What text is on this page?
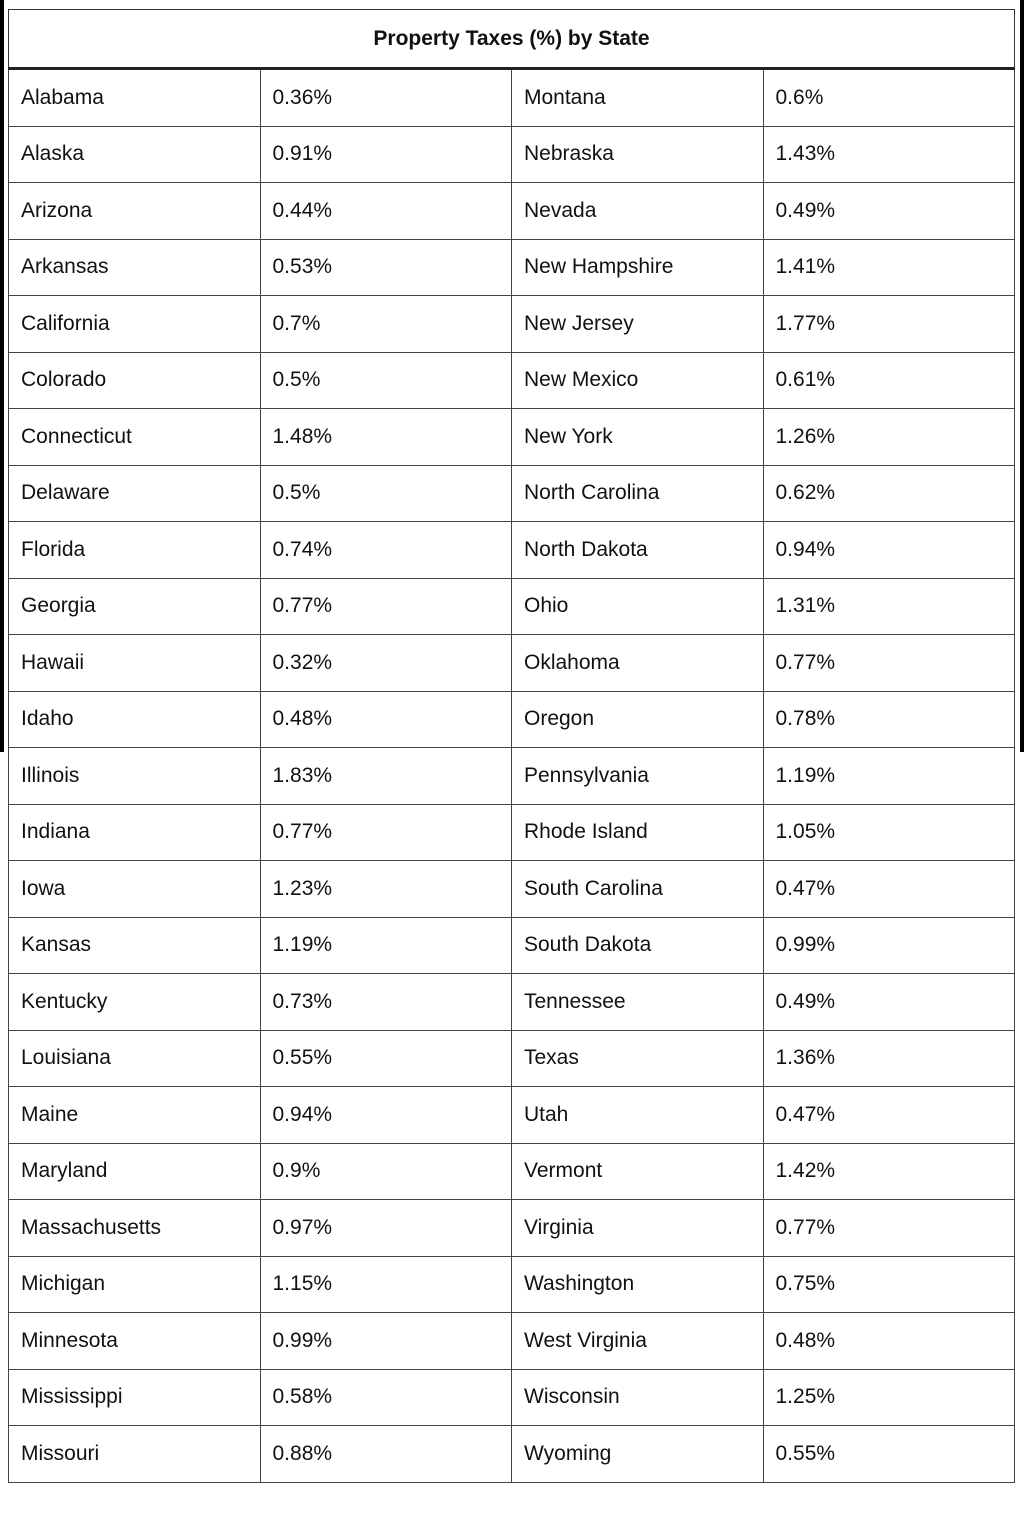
Property Taxes (%) by State			
Alabama	0.36%	Montana	0.6%
Alaska	0.91%	Nebraska	1.43%
Arizona	0.44%	Nevada	0.49%
Arkansas	0.53%	New Hampshire	1.41%
California	0.7%	New Jersey	1.77%
Colorado	0.5%	New Mexico	0.61%
Connecticut	1.48%	New York	1.26%
Delaware	0.5%	North Carolina	0.62%
Florida	0.74%	North Dakota	0.94%
Georgia	0.77%	Ohio	1.31%
Hawaii	0.32%	Oklahoma	0.77%
Idaho	0.48%	Oregon	0.78%
Illinois	1.83%	Pennsylvania	1.19%
Indiana	0.77%	Rhode Island	1.05%
Iowa	1.23%	South Carolina	0.47%
Kansas	1.19%	South Dakota	0.99%
Kentucky	0.73%	Tennessee	0.49%
Louisiana	0.55%	Texas	1.36%
Maine	0.94%	Utah	0.47%
Maryland	0.9%	Vermont	1.42%
Massachusetts	0.97%	Virginia	0.77%
Michigan	1.15%	Washington	0.75%
Minnesota	0.99%	West Virginia	0.48%
Mississippi	0.58%	Wisconsin	1.25%
Missouri	0.88%	Wyoming	0.55%
